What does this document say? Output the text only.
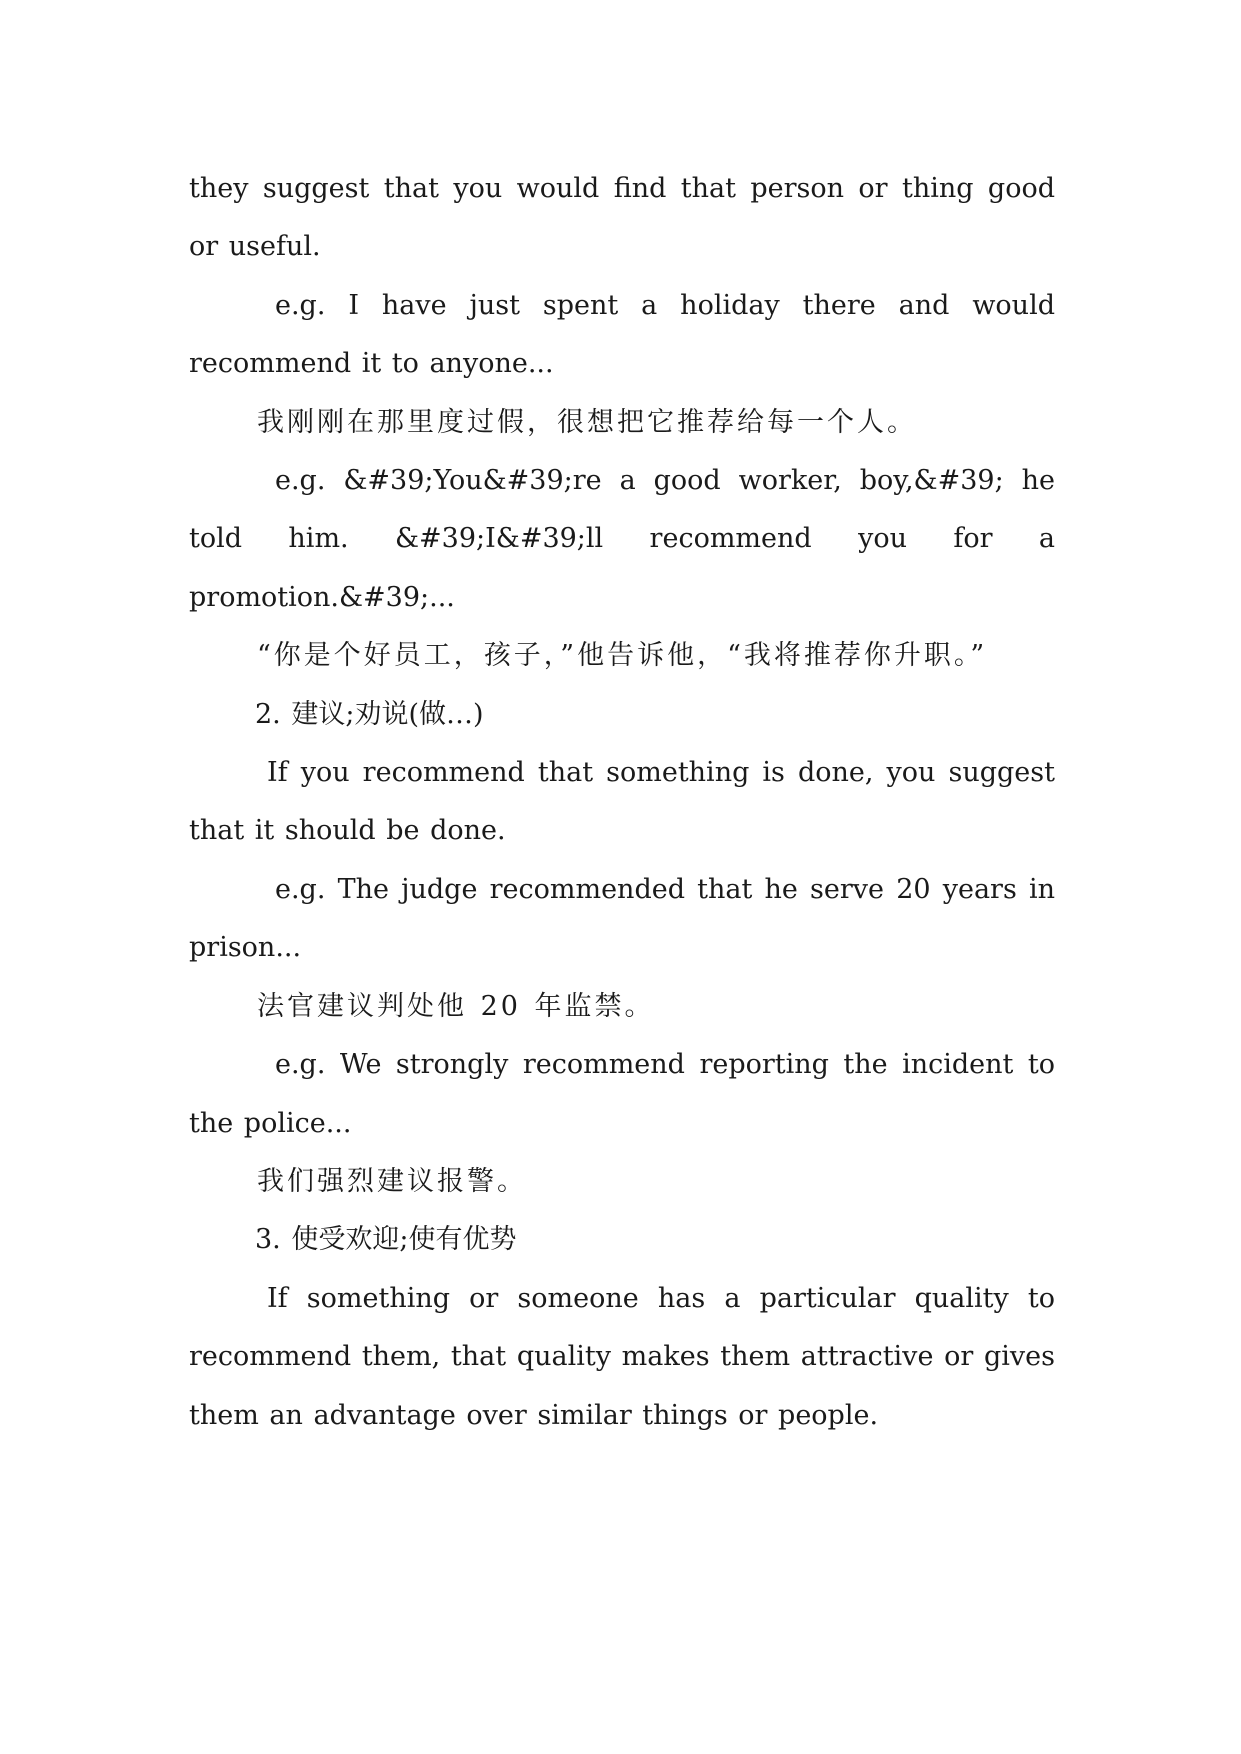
they suggest that you would find that person or thing good or useful.

e.g. I have just spent a holiday there and would recommend it to anyone...

我刚刚在那里度过假，很想把它推荐给每一个人。

e.g. &#39;You&#39;re a good worker, boy,&#39; he told him. &#39;I&#39;ll recommend you for a promotion.&#39;...

“你是个好员工，孩子，”他告诉他，“我将推荐你升职。”

2. 建议;劝说(做…)

If you recommend that something is done, you suggest that it should be done.

e.g. The judge recommended that he serve 20 years in prison...

法官建议判处他 20 年监禁。

e.g. We strongly recommend reporting the incident to the police...

我们强烈建议报警。

3. 使受欢迎;使有优势

If something or someone has a particular quality to recommend them, that quality makes them attractive or gives them an advantage over similar things or people.
